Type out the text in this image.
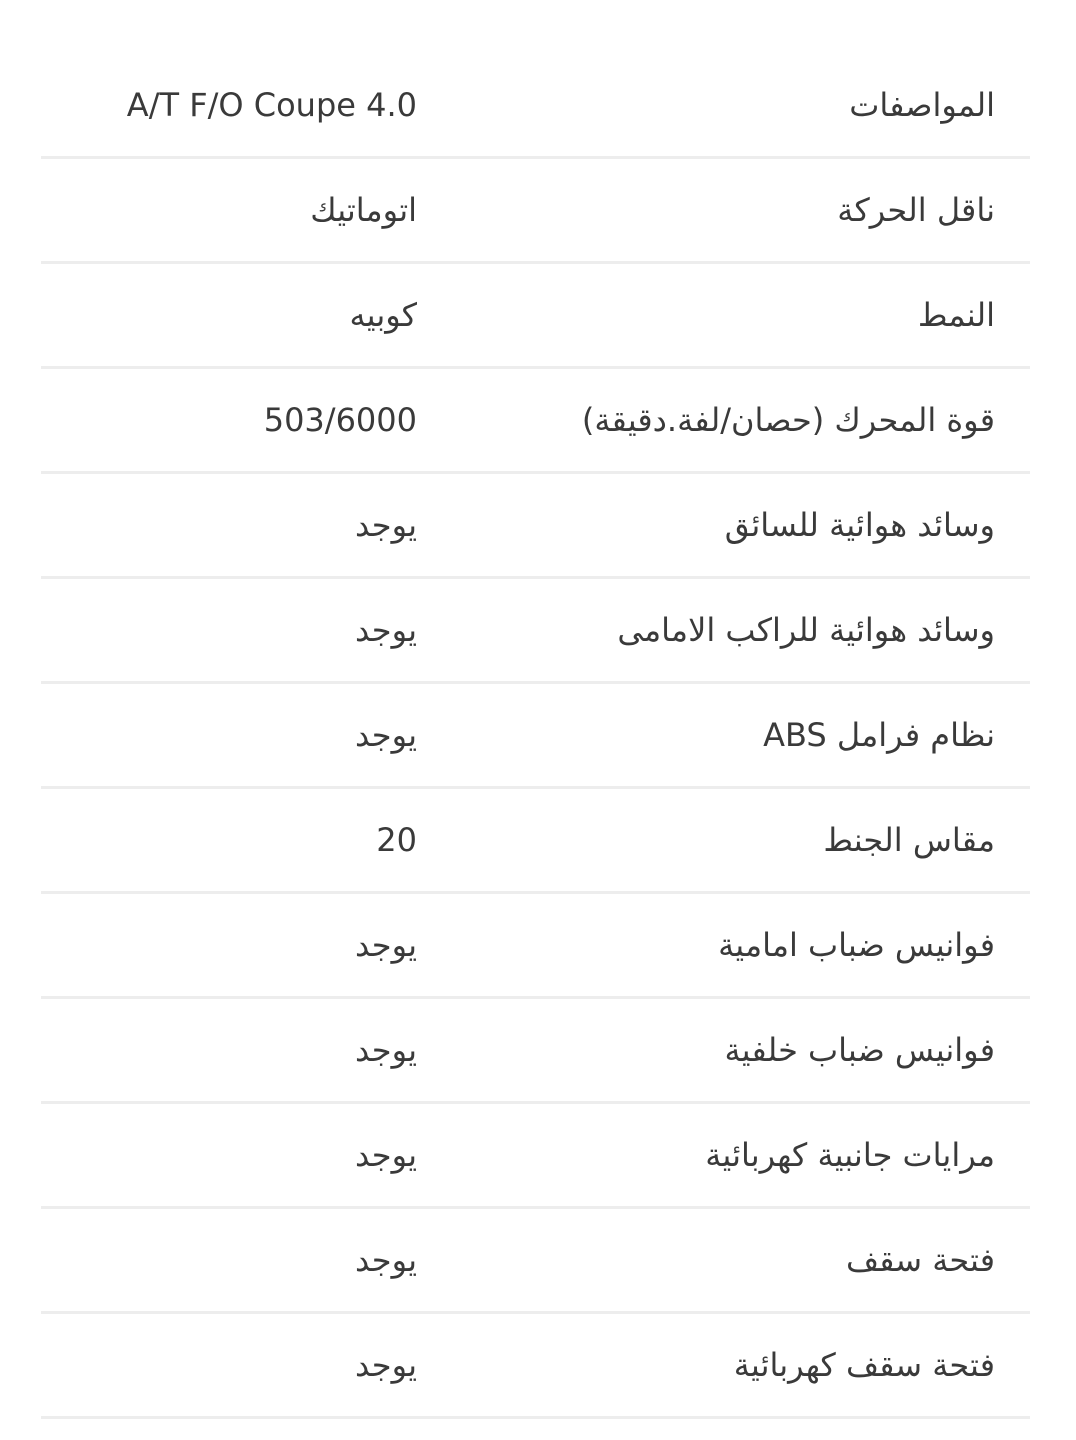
المواصفات
A/T F/O Coupe 4.0
ناقل الحركة
اتوماتيك
النمط
كوبيه
قوة المحرك (حصان/لفة.دقيقة)
503/6000
وسائد هوائية للسائق
يوجد
وسائد هوائية للراكب الامامى
يوجد
نظام فرامل ABS
يوجد
مقاس الجنط
20
فوانيس ضباب امامية
يوجد
فوانيس ضباب خلفية
يوجد
مرايات جانبية كهربائية
يوجد
فتحة سقف
يوجد
فتحة سقف كهربائية
يوجد
